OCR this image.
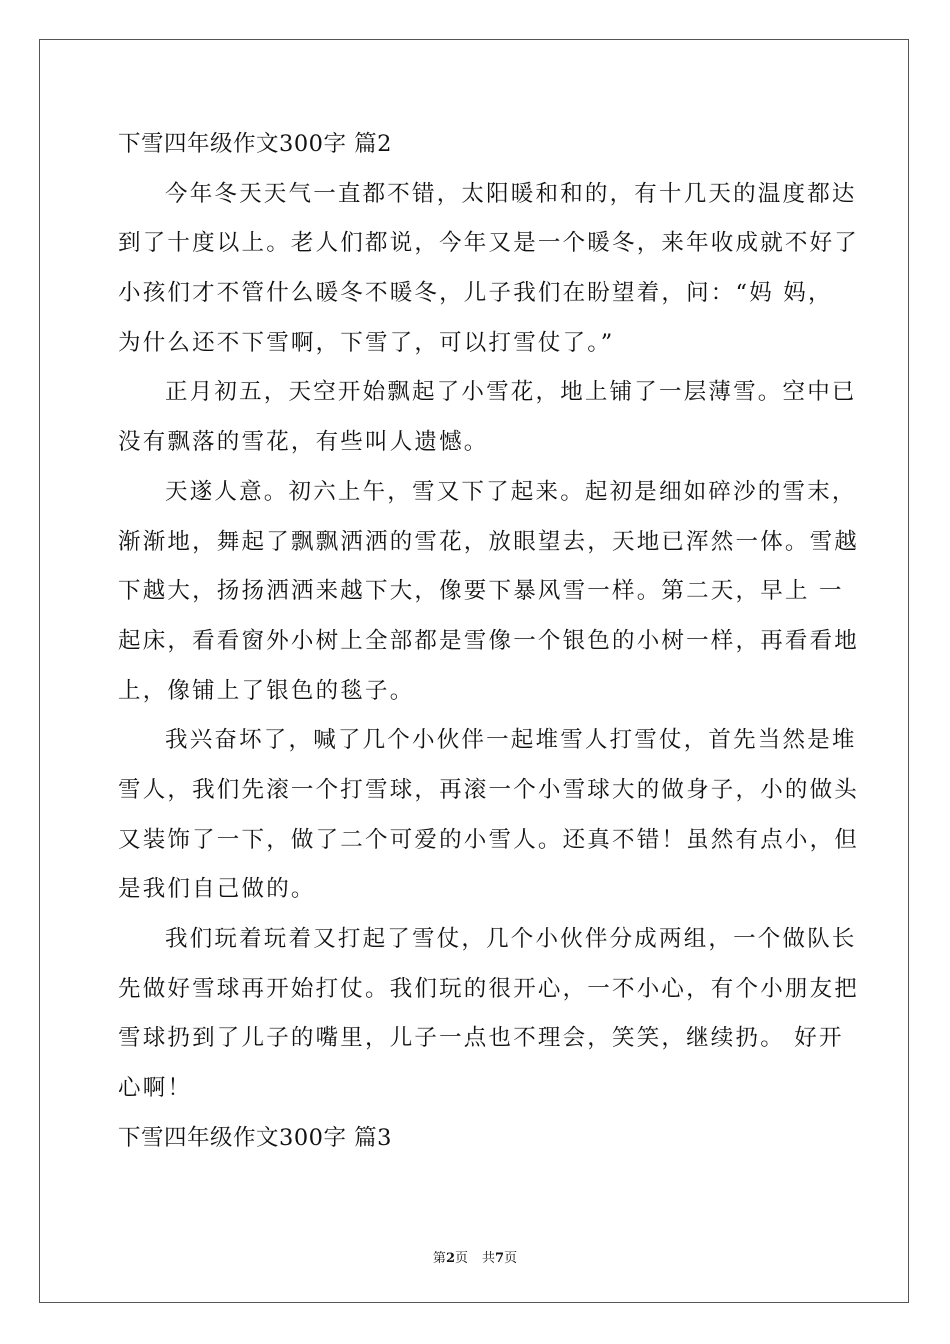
下雪四年级作文300字 篇2
今年冬天天气一直都不错，太阳暖和和的，有十几天的温度都达
到了十度以上。老人们都说，今年又是一个暖冬，来年收成就不好了
小孩们才不管什么暖冬不暖冬，儿子我们在盼望着，问：“妈 妈，
为什么还不下雪啊，下雪了，可以打雪仗了。”
正月初五，天空开始飘起了小雪花，地上铺了一层薄雪。空中已
没有飘落的雪花，有些叫人遗憾。
天遂人意。初六上午，雪又下了起来。起初是细如碎沙的雪末，
渐渐地，舞起了飘飘洒洒的雪花，放眼望去，天地已浑然一体。雪越
下越大，扬扬洒洒来越下大，像要下暴风雪一样。第二天，早上 一
起床，看看窗外小树上全部都是雪像一个银色的小树一样，再看看地
上，像铺上了银色的毯子。
我兴奋坏了，喊了几个小伙伴一起堆雪人打雪仗，首先当然是堆
雪人，我们先滚一个打雪球，再滚一个小雪球大的做身子，小的做头
又装饰了一下，做了二个可爱的小雪人。还真不错！虽然有点小，但
是我们自己做的。
我们玩着玩着又打起了雪仗，几个小伙伴分成两组，一个做队长
先做好雪球再开始打仗。我们玩的很开心，一不小心，有个小朋友把
雪球扔到了儿子的嘴里，儿子一点也不理会，笑笑，继续扔。 好开
心啊！
下雪四年级作文300字 篇3
第2页 共7页
